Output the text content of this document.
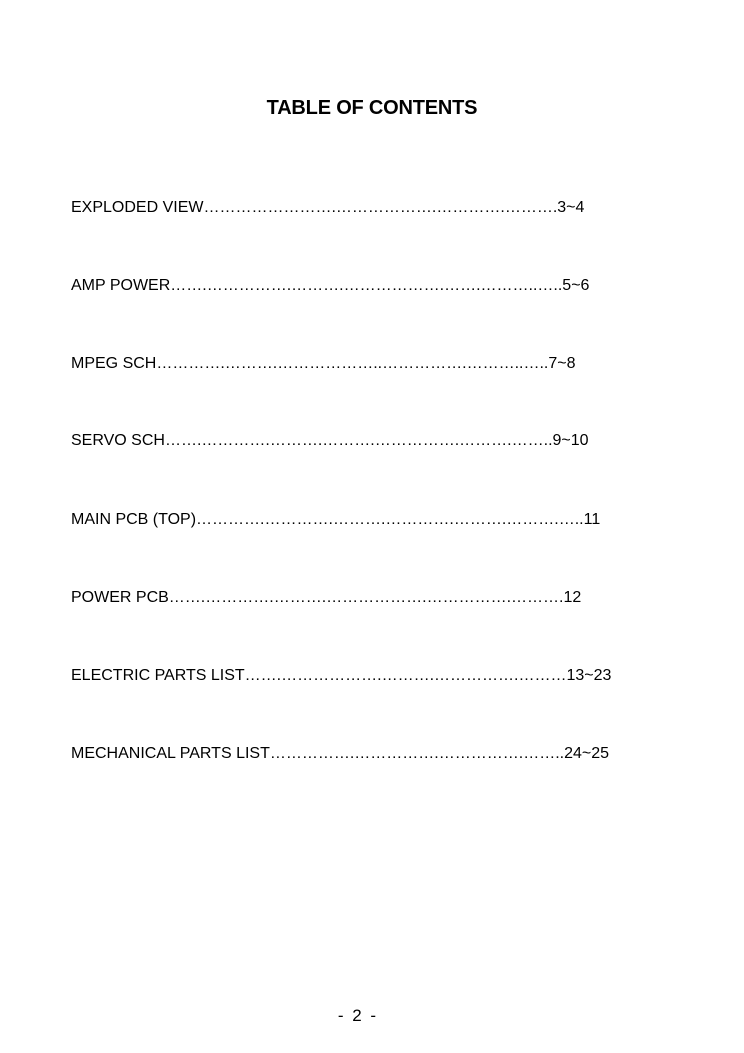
TABLE OF CONTENTS
EXPLODED VIEW…………………….……………….………….……….3~4
AMP POWER…….…………….……….……………….…….………..…..5~6
MPEG SCH………….……….………………..…………….………..…..7~8
SERVO SCH…….………….……….……….…………….……….……..9~10
MAIN PCB (TOP)………….………….……….………….……….……….…..11
POWER PCB…….………….……….……………….…………….……….12
ELECTRIC PARTS LIST…….……………….……….…………….………13~23
MECHANICAL PARTS LIST…………….…………….…………….……..24~25
- 2 -
